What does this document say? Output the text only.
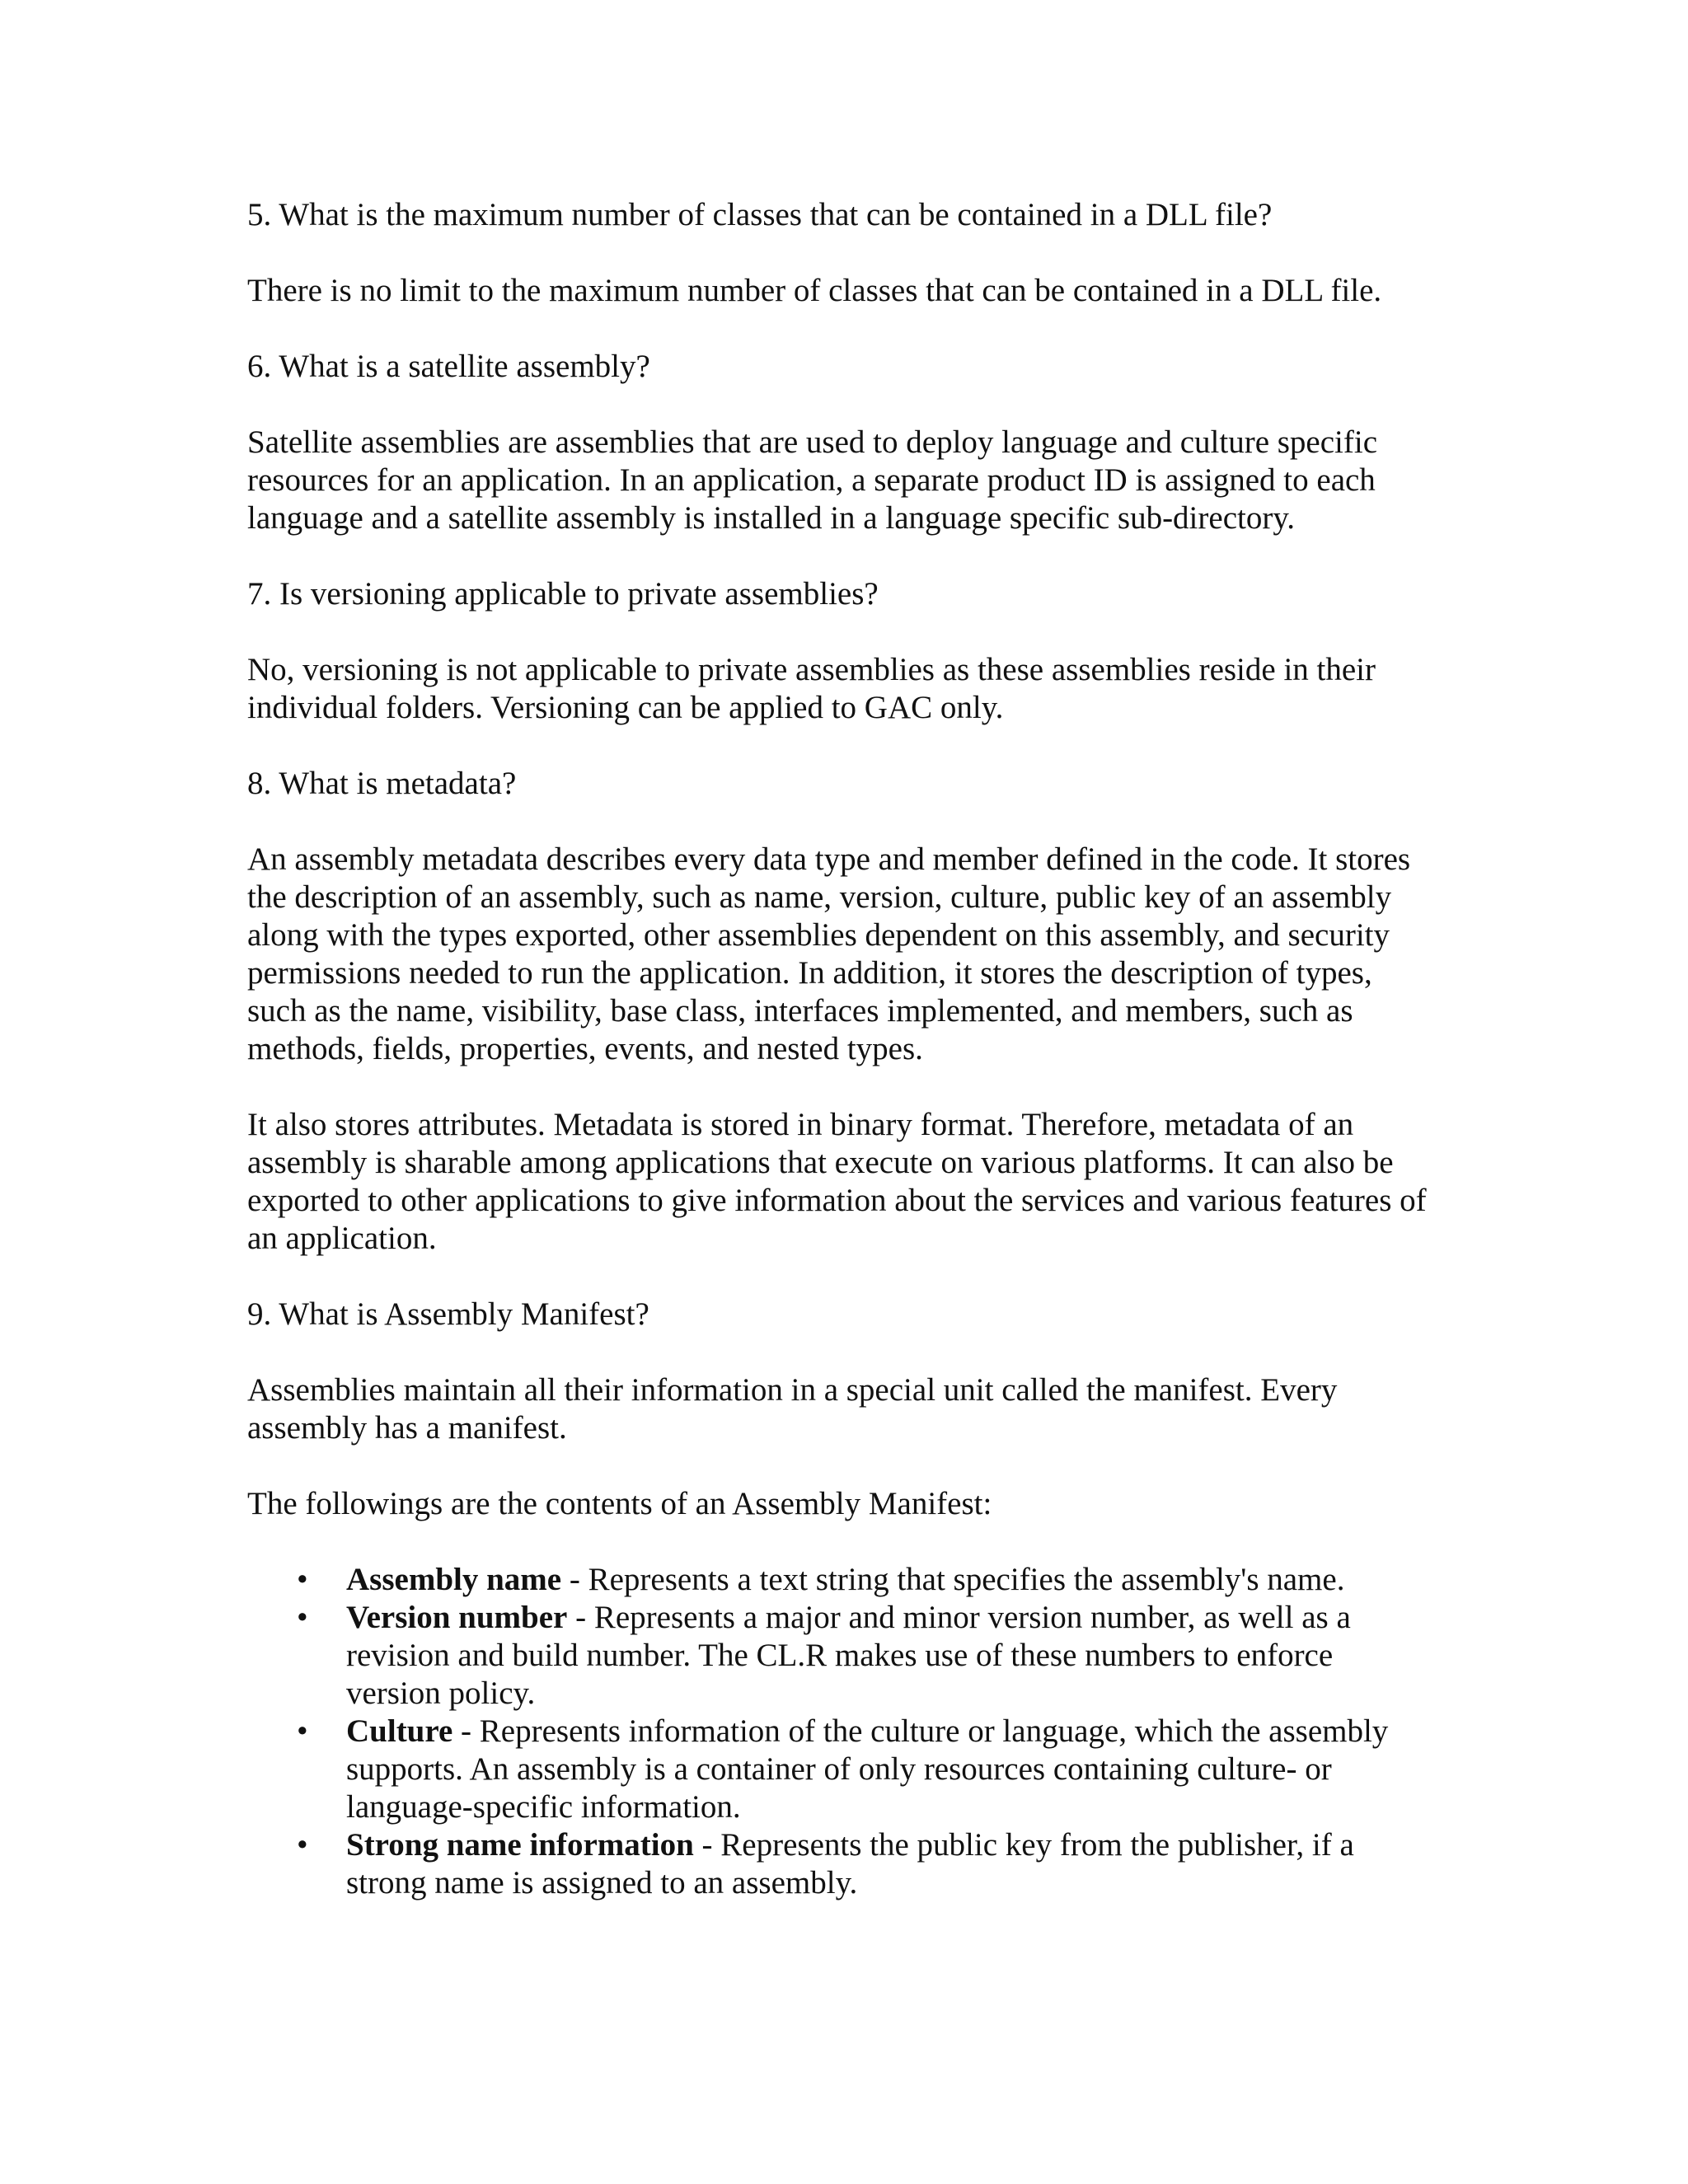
5. What is the maximum number of classes that can be contained in a DLL file?

There is no limit to the maximum number of classes that can be contained in a DLL file.

6. What is a satellite assembly?

Satellite assemblies are assemblies that are used to deploy language and culture specific resources for an application. In an application, a separate product ID is assigned to each language and a satellite assembly is installed in a language specific sub-directory.

7. Is versioning applicable to private assemblies?

No, versioning is not applicable to private assemblies as these assemblies reside in their individual folders. Versioning can be applied to GAC only.

8. What is metadata?

An assembly metadata describes every data type and member defined in the code. It stores the description of an assembly, such as name, version, culture, public key of an assembly along with the types exported, other assemblies dependent on this assembly, and security permissions needed to run the application. In addition, it stores the description of types, such as the name, visibility, base class, interfaces implemented, and members, such as methods, fields, properties, events, and nested types.

It also stores attributes. Metadata is stored in binary format. Therefore, metadata of an assembly is sharable among applications that execute on various platforms. It can also be exported to other applications to give information about the services and various features of an application.

9. What is Assembly Manifest?

Assemblies maintain all their information in a special unit called the manifest. Every assembly has a manifest.

The followings are the contents of an Assembly Manifest:

• Assembly name - Represents a text string that specifies the assembly's name.
• Version number - Represents a major and minor version number, as well as a revision and build number. The CL.R makes use of these numbers to enforce version policy.
• Culture - Represents information of the culture or language, which the assembly supports. An assembly is a container of only resources containing culture- or language-specific information.
• Strong name information - Represents the public key from the publisher, if a strong name is assigned to an assembly.
